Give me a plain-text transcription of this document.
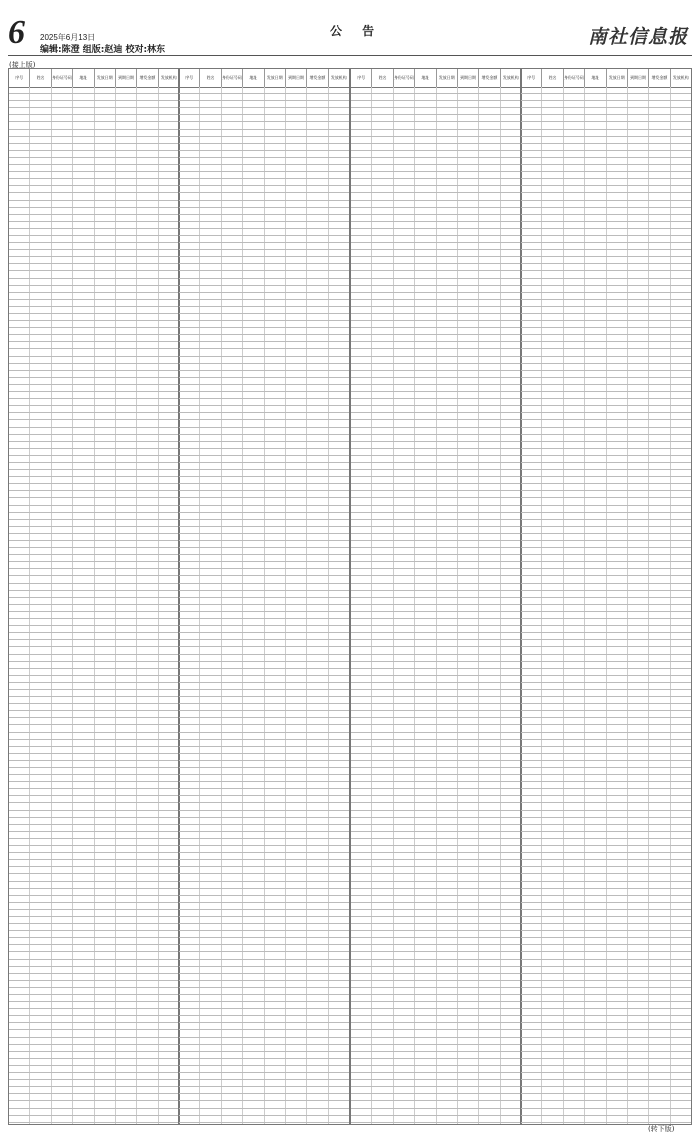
6 2025年6月13日
编辑:陈澄 组版:赵迪 校对:林东
公 告	南社信息报
(接上版)
序号	姓名	身份证号码	地址	发放日期	到期日期	增发金额	发放机构	序号	姓名	身份证号码	地址	发放日期	到期日期	增发金额	发放机构	序号	姓名	身份证号码	地址	发放日期	到期日期	增发金额	发放机构	序号	姓名	身份证号码	地址	发放日期	到期日期	增发金额	发放机构
(转下版)
